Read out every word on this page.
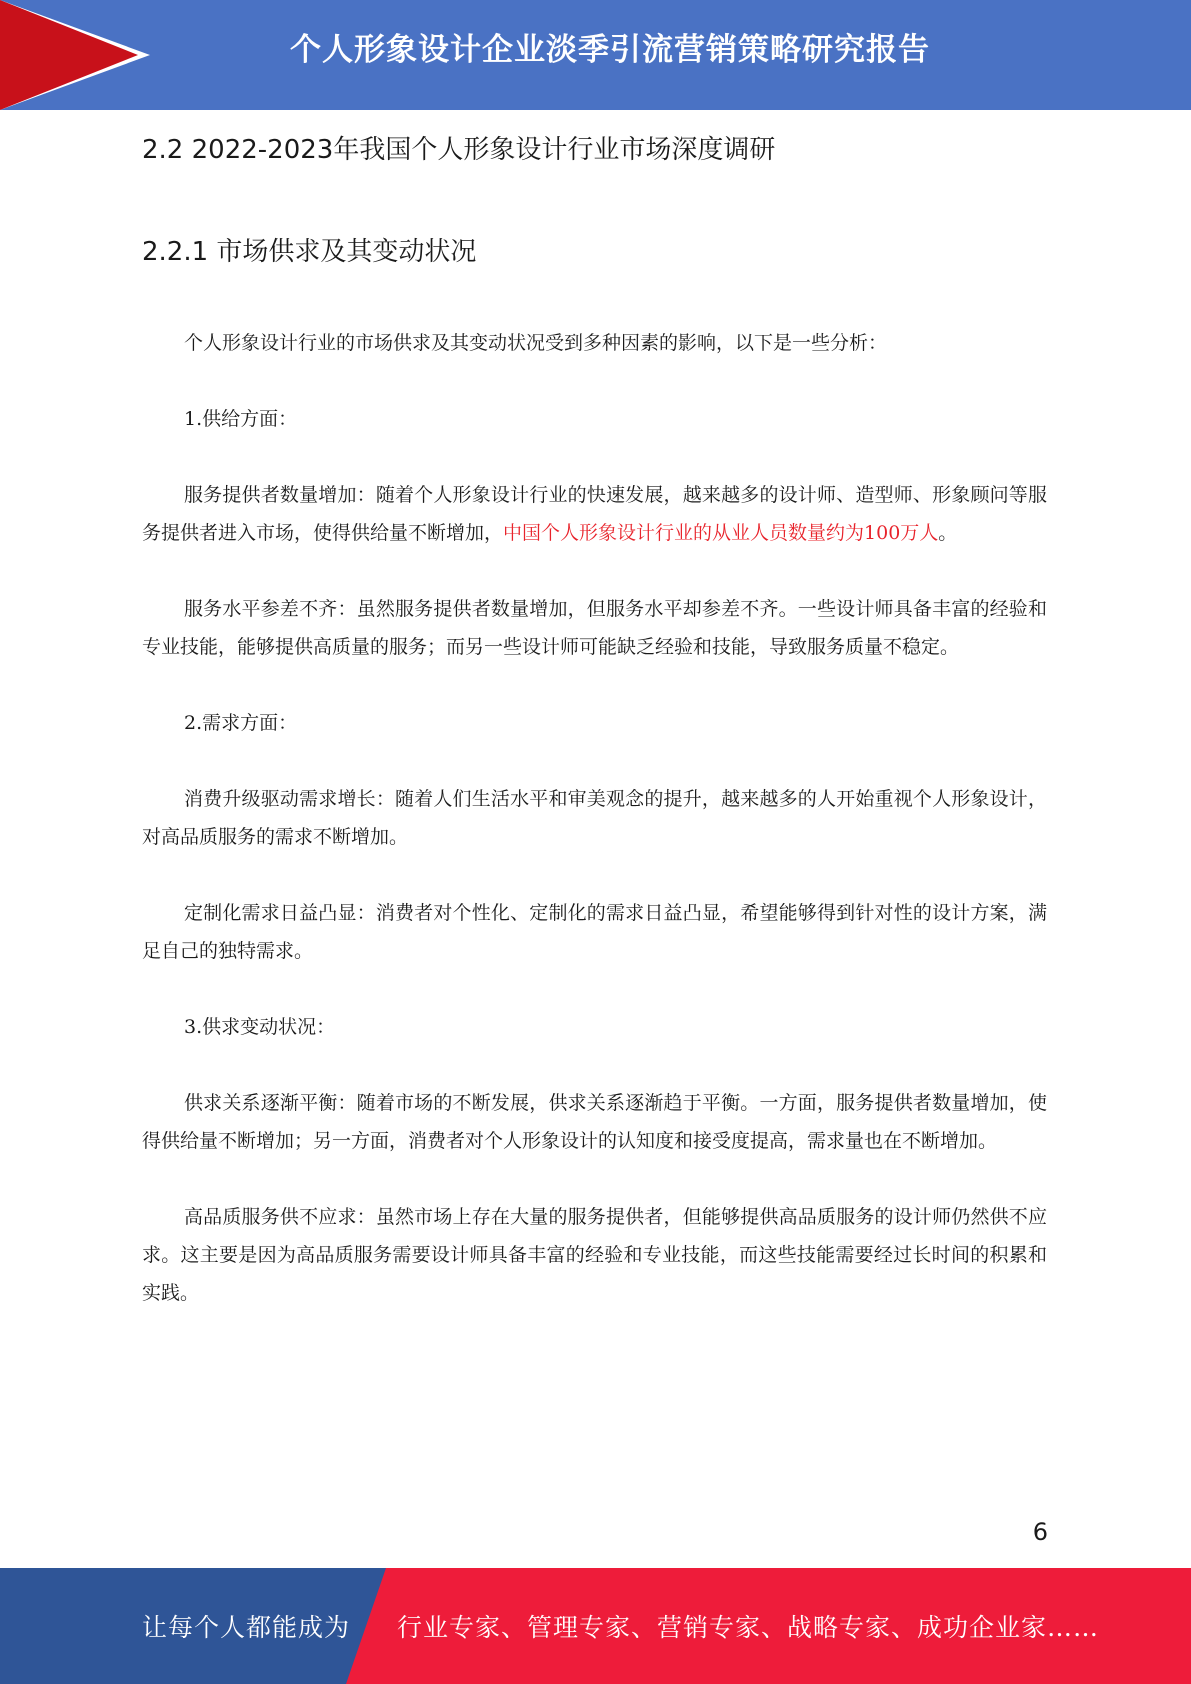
个人形象设计企业淡季引流营销策略研究报告
2.2 2022-2023年我国个人形象设计行业市场深度调研
2.2.1 市场供求及其变动状况

个人形象设计行业的市场供求及其变动状况受到多种因素的影响，以下是一些分析：

1.供给方面：

服务提供者数量增加：随着个人形象设计行业的快速发展，越来越多的设计师、造型师、形象顾问等服务提供者进入市场，使得供给量不断增加，中国个人形象设计行业的从业人员数量约为100万人。

服务水平参差不齐：虽然服务提供者数量增加，但服务水平却参差不齐。一些设计师具备丰富的经验和专业技能，能够提供高质量的服务；而另一些设计师可能缺乏经验和技能，导致服务质量不稳定。

2.需求方面：

消费升级驱动需求增长：随着人们生活水平和审美观念的提升，越来越多的人开始重视个人形象设计，对高品质服务的需求不断增加。

定制化需求日益凸显：消费者对个性化、定制化的需求日益凸显，希望能够得到针对性的设计方案，满足自己的独特需求。

3.供求变动状况：

供求关系逐渐平衡：随着市场的不断发展，供求关系逐渐趋于平衡。一方面，服务提供者数量增加，使得供给量不断增加；另一方面，消费者对个人形象设计的认知度和接受度提高，需求量也在不断增加。

高品质服务供不应求：虽然市场上存在大量的服务提供者，但能够提供高品质服务的设计师仍然供不应求。这主要是因为高品质服务需要设计师具备丰富的经验和专业技能，而这些技能需要经过长时间的积累和实践。

6
让每个人都能成为 行业专家、管理专家、营销专家、战略专家、成功企业家……
